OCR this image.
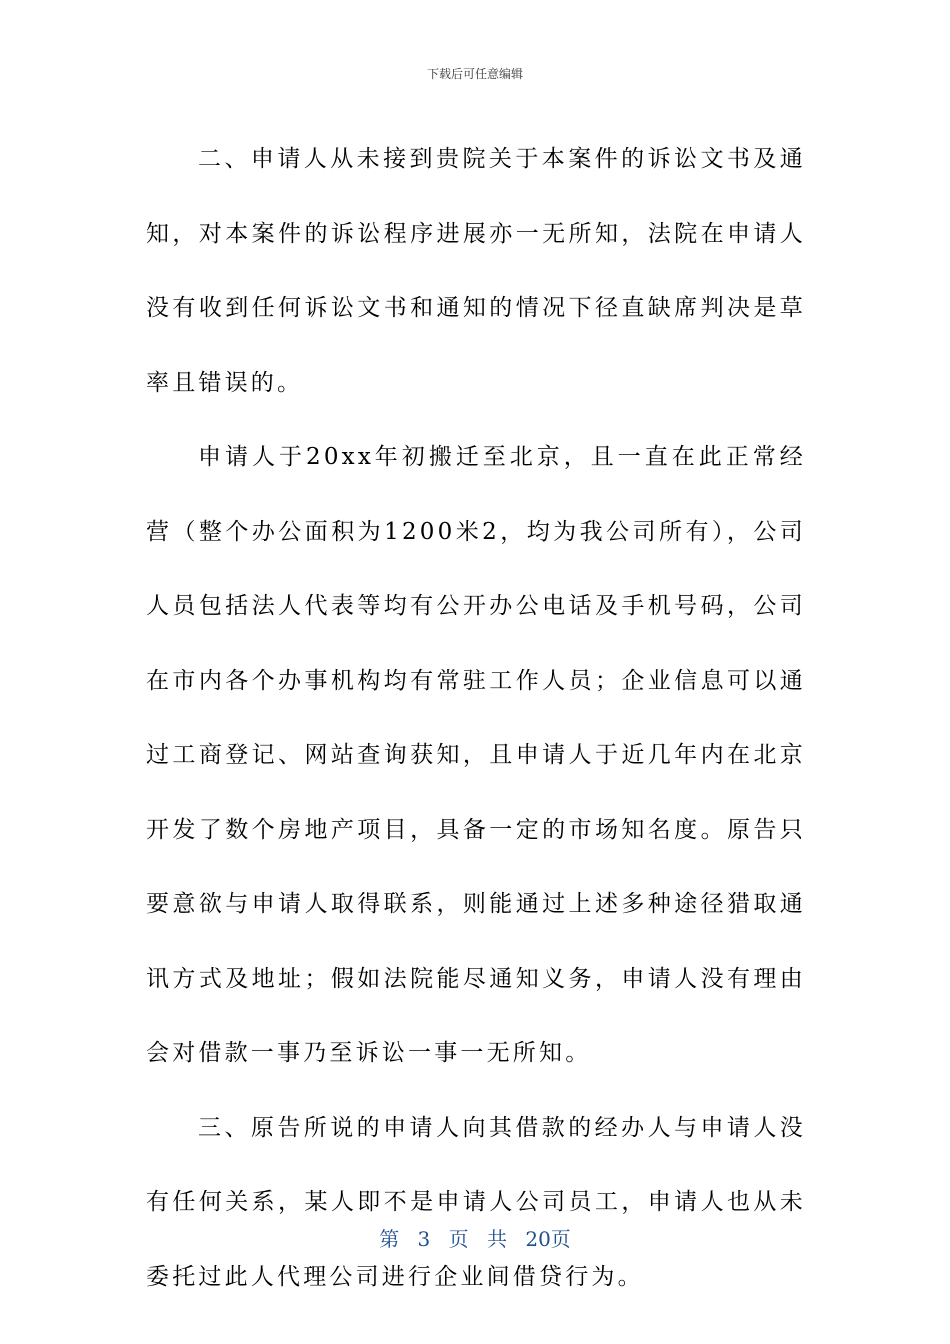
下载后可任意编辑

二、申请人从未接到贵院关于本案件的诉讼文书及通知，对本案件的诉讼程序进展亦一无所知，法院在申请人没有收到任何诉讼文书和通知的情况下径直缺席判决是草率且错误的。

申请人于20xx年初搬迁至北京，且一直在此正常经营（整个办公面积为1200米2，均为我公司所有），公司人员包括法人代表等均有公开办公电话及手机号码，公司在市内各个办事机构均有常驻工作人员；企业信息可以通过工商登记、网站查询获知，且申请人于近几年内在北京开发了数个房地产项目，具备一定的市场知名度。原告只要意欲与申请人取得联系，则能通过上述多种途径猎取通讯方式及地址；假如法院能尽通知义务，申请人没有理由会对借款一事乃至诉讼一事一无所知。

三、原告所说的申请人向其借款的经办人与申请人没有任何关系，某人即不是申请人公司员工，申请人也从未委托过此人代理公司进行企业间借贷行为。

第 3 页 共 20页
